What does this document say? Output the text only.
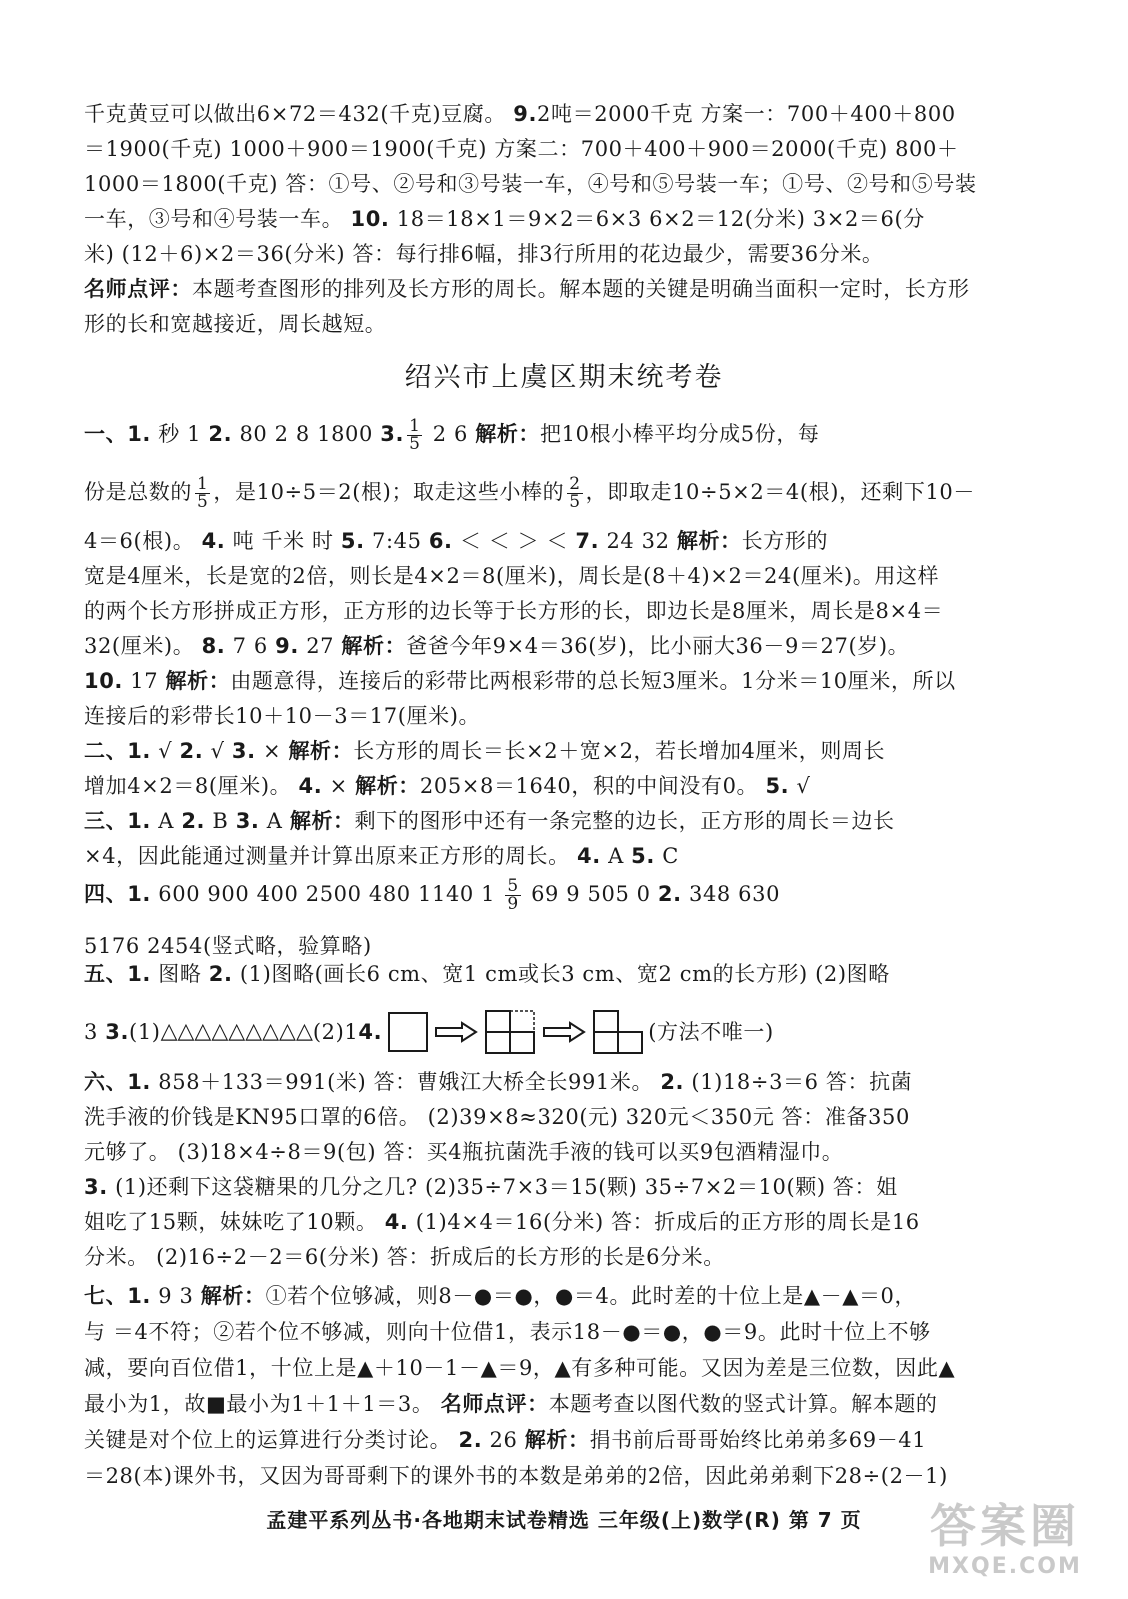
千克黄豆可以做出6×72＝432(千克)豆腐。 9.2吨＝2000千克 方案一：700＋400＋800
＝1900(千克) 1000＋900＝1900(千克) 方案二：700＋400＋900＝2000(千克) 800＋
1000＝1800(千克) 答：①号、②号和③号装一车，④号和⑤号装一车；①号、②号和⑤号装
一车，③号和④号装一车。 10. 18＝18×1＝9×2＝6×3 6×2＝12(分米) 3×2＝6(分
米) (12＋6)×2＝36(分米) 答：每行排6幅，排3行所用的花边最少，需要36分米。
名师点评：本题考查图形的排列及长方形的周长。解本题的关键是明确当面积一定时，长方形
形的长和宽越接近，周长越短。
绍兴市上虞区期末统考卷
一、1. 秒 1 2. 80 2 8 1800 3. $\frac{1}{5} 2$ 6 解析：把10根小棒平均分成5份，每
份是总数的 $\frac{1}{5}$ ，是10÷5＝2(根)；取走这些小棒的 $\frac{2}{5}$ ，即取走10÷5×2＝4(根)，还剩下10－
4＝6(根)。 4. 吨 千米 时 5. 7:45 6. ＜ ＜ ＞ ＜ 7. 24 32 解析：长方形的
宽是4厘米，长是宽的2倍，则长是4×2＝8(厘米)，周长是(8＋4)×2＝24(厘米)。用这样
的两个长方形拼成正方形，正方形的边长等于长方形的长，即边长是8厘米，周长是8×4＝
32(厘米)。 8. 7 6 9. 27 解析：爸爸今年9×4＝36(岁)，比小丽大36－9＝27(岁)。
10. 17 解析：由题意得，连接后的彩带比两根彩带的总长短3厘米。1分米＝10厘米，所以
连接后的彩带长10＋10－3＝17(厘米)。
二、1. √ 2. √ 3. × 解析：长方形的周长＝长×2＋宽×2，若长增加4厘米，则周长
增加4×2＝8(厘米)。 4. × 解析：205×8＝1640，积的中间没有0。 5. √
三、1. A 2. B 3. A 解析：剩下的图形中还有一条完整的边长，正方形的周长＝边长
×4，因此能通过测量并计算出原来正方形的周长。 4. A 5. C
四、1. 600 900 400 2500 480 1140 $1 \frac{5}{9} 69$ 9 505 0 2. 348 630
5176 2454(竖式略，验算略)
五、1. 图略 2. (1)图略(画长6 cm、宽1 cm或长3 cm、宽2 cm的长方形) (2)图略
3
3. (1) △△△△△△△△△ (2)1 4.	(方法不唯一)
六、1. 858＋133＝991(米) 答：曹娥江大桥全长991米。 2. (1)18÷3＝6 答：抗菌
洗手液的价钱是KN95口罩的6倍。 (2)39×8≈320(元) 320元＜350元 答：准备350
元够了。 (3)18×4÷8＝9(包) 答：买4瓶抗菌洗手液的钱可以买9包酒精湿巾。
3. (1)还剩下这袋糖果的几分之几? (2)35÷7×3＝15(颗) 35÷7×2＝10(颗) 答：姐
姐吃了15颗，妹妹吃了10颗。 4. (1)4×4＝16(分米) 答：折成后的正方形的周长是16
分米。 (2)16÷2－2＝6(分米) 答：折成后的长方形的长是6分米。
七、1. 9 3 解析：①若个位够减，则8－●＝●，●＝4。此时差的十位上是▲－▲＝0，
与 ＝4不符；②若个位不够减，则向十位借1，表示18－●＝●，●＝9。此时十位上不够
减，要向百位借1，十位上是▲＋10－1－▲＝9，▲有多种可能。又因为差是三位数，因此▲
最小为1，故■最小为1＋1＋1＝3。 名师点评：本题考查以图代数的竖式计算。解本题的
关键是对个位上的运算进行分类讨论。 2. 26 解析：捐书前后哥哥始终比弟弟多69－41
＝28(本)课外书，又因为哥哥剩下的课外书的本数是弟弟的2倍，因此弟弟剩下28÷(2－1)
孟建平系列丛书·各地期末试卷精选 三年级(上)数学(R) 第 7 页	答案圈
MXQE.COM
